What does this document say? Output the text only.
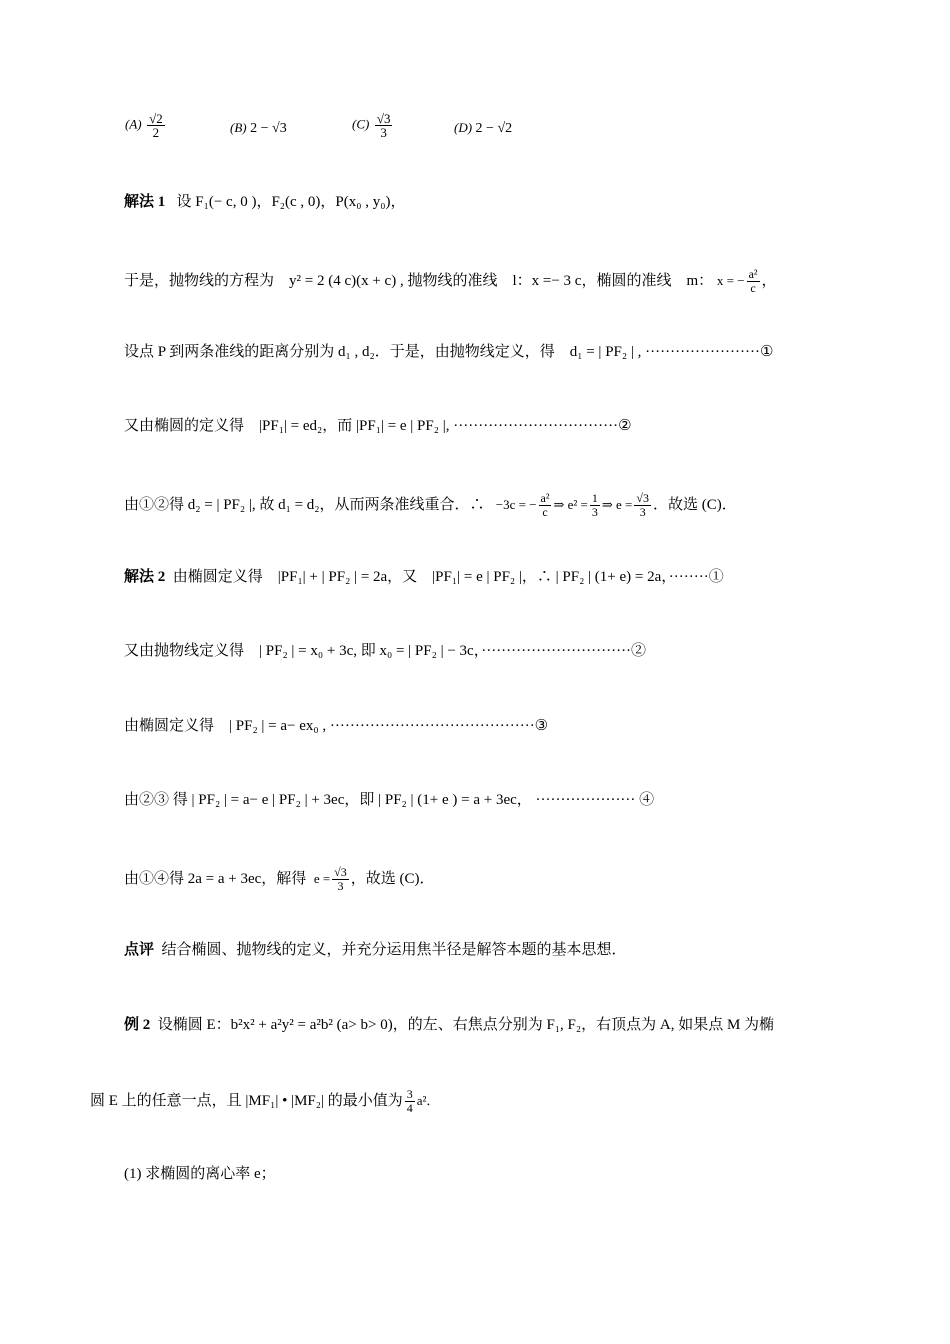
$(A) \frac{√2}{2}$	(B) 2 − √3	$(C) \frac{√3}{3}$	(D) 2 − √2
解法 1 设 F₁(− c, 0 )，F₂(c , 0)，P(x₀ , y₀)，
于是，抛物线的方程为　y² = 2 (4 c)(x + c) , 抛物线的准线　l：x =− 3 c，椭圆的准线　m： x = − $\frac{\text{a²}}{c}$ ，
设点 P 到两条准线的距离分别为 d₁ , d₂．于是，由抛物线定义，得　d₁ = | PF₂ | , ·······················①
又由椭圆的定义得　|PF₁| = ed₂，而 |PF₁| = e | PF₂ |, ·································②
由①②得 d₂ = | PF₂ |, 故 d₁ = d₂，从而两条准线重合．∴ −3c = − $\frac{\text{a²}}{c}$ ⇒ $e^2 = \frac{1}{3}$ ⇒ $e = \frac{√3}{3}$ ．故选 (C)．
解法 2 由椭圆定义得　|PF₁| + | PF₂ | = 2a，又　|PF₁| = e | PF₂ |，∴ | PF₂ | (1+ e) = 2a，········①
又由抛物线定义得　| PF₂ | = x₀ + 3c, 即 x₀ = | PF₂ | − 3c，······························②
由椭圆定义得　| PF₂ | = a− ex₀ , ·········································③
由②③ 得 | PF₂ | = a− e | PF₂ | + 3ec，即 | PF₂ | (1+ e ) = a + 3ec， ···················· ④
由①④得 2a = a + 3ec，解得 $e = \frac{√3}{3}$ ，故选 (C)．
点评 结合椭圆、抛物线的定义，并充分运用焦半径是解答本题的基本思想．
例 2 设椭圆 E：b²x² + a²y² = a²b² (a> b> 0)，的左、右焦点分别为 F₁, F₂，右顶点为 A, 如果点 M 为椭
圆 E 上的任意一点，且 |MF₁| • |MF₂| 的最小值为 $\frac{3}{4} a^2$．
(1) 求椭圆的离心率 e；
